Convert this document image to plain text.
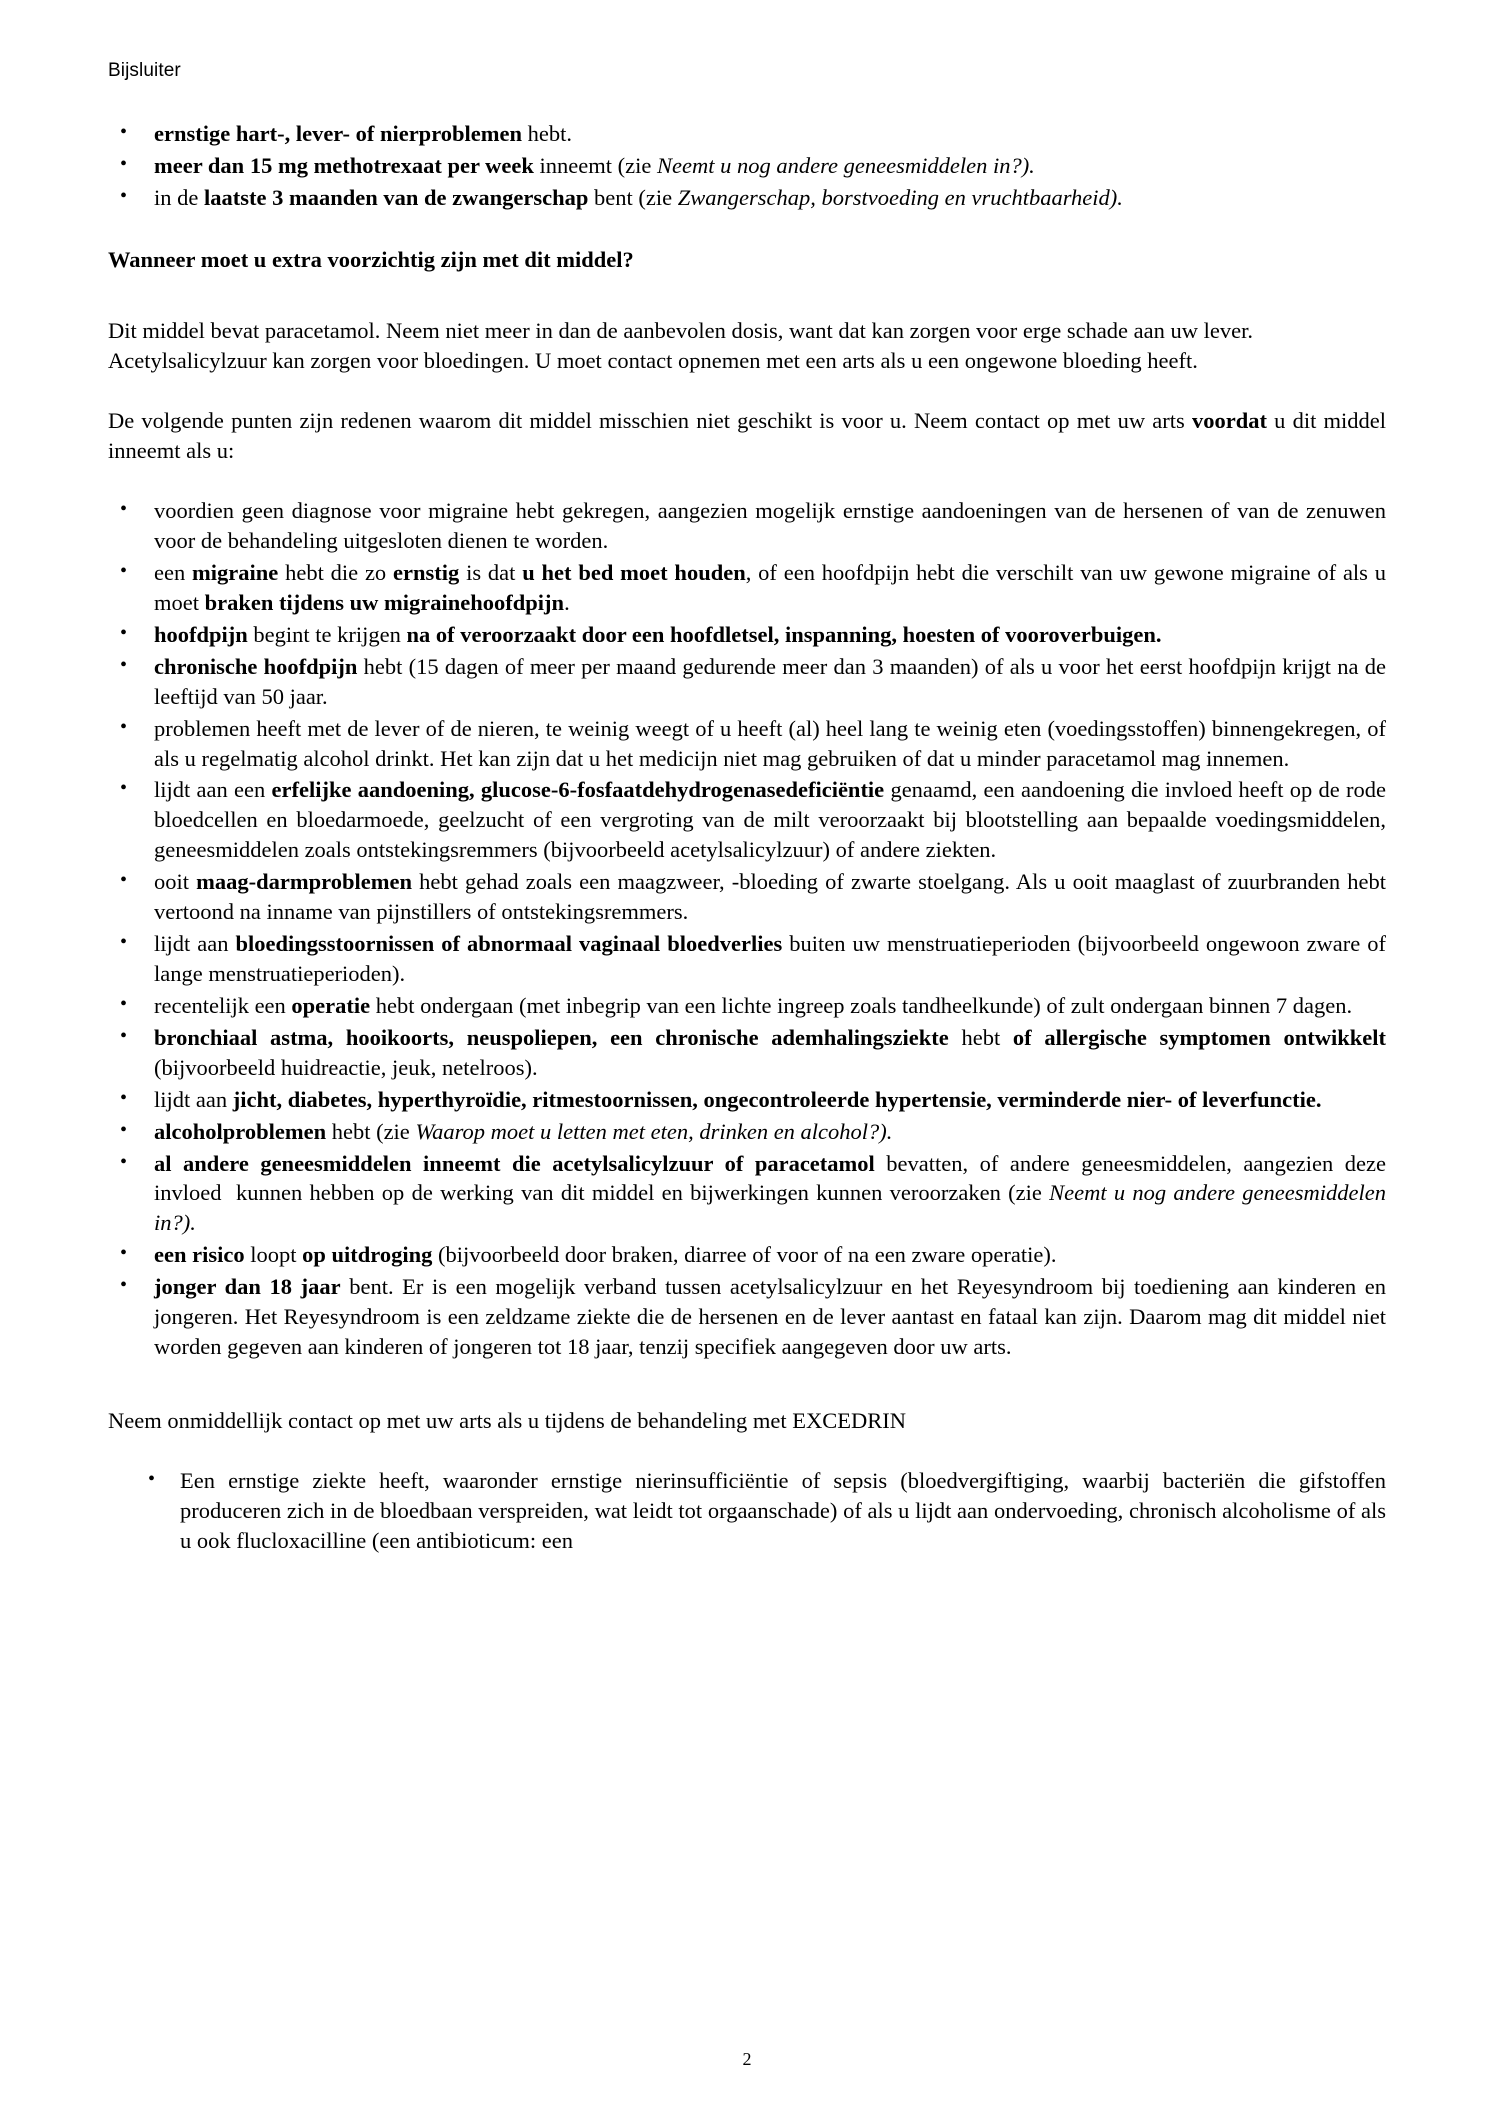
Bijsluiter
• ernstige hart-, lever- of nierproblemen hebt.
• meer dan 15 mg methotrexaat per week inneemt (zie Neemt u nog andere geneesmiddelen in?).
• in de laatste 3 maanden van de zwangerschap bent (zie Zwangerschap, borstvoeding en vruchtbaarheid).
Wanneer moet u extra voorzichtig zijn met dit middel?

Dit middel bevat paracetamol. Neem niet meer in dan de aanbevolen dosis, want dat kan zorgen voor erge schade aan uw lever.

Acetylsalicylzuur kan zorgen voor bloedingen. U moet contact opnemen met een arts als u een ongewone bloeding heeft.

De volgende punten zijn redenen waarom dit middel misschien niet geschikt is voor u. Neem contact op met uw arts voordat u dit middel inneemt als u:

• voordien geen diagnose voor migraine hebt gekregen, aangezien mogelijk ernstige aandoeningen van de hersenen of van de zenuwen voor de behandeling uitgesloten dienen te worden.
• een migraine hebt die zo ernstig is dat u het bed moet houden, of een hoofdpijn hebt die verschilt van uw gewone migraine of als u moet braken tijdens uw migrainehoofdpijn.
• hoofdpijn begint te krijgen na of veroorzaakt door een hoofdletsel, inspanning, hoesten of vooroverbuigen.
• chronische hoofdpijn hebt (15 dagen of meer per maand gedurende meer dan 3 maanden) of als u voor het eerst hoofdpijn krijgt na de leeftijd van 50 jaar.
• problemen heeft met de lever of de nieren, te weinig weegt of u heeft (al) heel lang te weinig eten (voedingsstoffen) binnengekregen, of als u regelmatig alcohol drinkt. Het kan zijn dat u het medicijn niet mag gebruiken of dat u minder paracetamol mag innemen.
• lijdt aan een erfelijke aandoening, glucose-6-fosfaatdehydrogenasedeficiëntie genaamd, een aandoening die invloed heeft op de rode bloedcellen en bloedarmoede, geelzucht of een vergroting van de milt veroorzaakt bij blootstelling aan bepaalde voedingsmiddelen, geneesmiddelen zoals ontstekingsremmers (bijvoorbeeld acetylsalicylzuur) of andere ziekten.
• ooit maag-darmproblemen hebt gehad zoals een maagzweer, -bloeding of zwarte stoelgang. Als u ooit maaglast of zuurbranden hebt vertoond na inname van pijnstillers of ontstekingsremmers.
• lijdt aan bloedingsstoornissen of abnormaal vaginaal bloedverlies buiten uw menstruatieperioden (bijvoorbeeld ongewoon zware of lange menstruatieperioden).
• recentelijk een operatie hebt ondergaan (met inbegrip van een lichte ingreep zoals tandheelkunde) of zult ondergaan binnen 7 dagen.
• bronchiaal astma, hooikoorts, neuspoliepen, een chronische ademhalingsziekte hebt of allergische symptomen ontwikkelt (bijvoorbeeld huidreactie, jeuk, netelroos).
• lijdt aan jicht, diabetes, hyperthyroïdie, ritmestoornissen, ongecontroleerde hypertensie, verminderde nier- of leverfunctie.
• alcoholproblemen hebt (zie Waarop moet u letten met eten, drinken en alcohol?).
• al andere geneesmiddelen inneemt die acetylsalicylzuur of paracetamol bevatten, of andere geneesmiddelen, aangezien deze invloed  kunnen hebben op de werking van dit middel en bijwerkingen kunnen veroorzaken (zie Neemt u nog andere geneesmiddelen in?).
• een risico loopt op uitdroging (bijvoorbeeld door braken, diarree of voor of na een zware operatie).
• jonger dan 18 jaar bent. Er is een mogelijk verband tussen acetylsalicylzuur en het Reyesyndroom bij toediening aan kinderen en jongeren. Het Reyesyndroom is een zeldzame ziekte die de hersenen en de lever aantast en fataal kan zijn. Daarom mag dit middel niet worden gegeven aan kinderen of jongeren tot 18 jaar, tenzij specifiek aangegeven door uw arts.

Neem onmiddellijk contact op met uw arts als u tijdens de behandeling met EXCEDRIN

• Een ernstige ziekte heeft, waaronder ernstige nierinsufficiëntie of sepsis (bloedvergiftiging, waarbij bacteriën die gifstoffen produceren zich in de bloedbaan verspreiden, wat leidt tot orgaanschade) of als u lijdt aan ondervoeding, chronisch alcoholisme of als u ook flucloxacilline (een antibioticum: een
2
